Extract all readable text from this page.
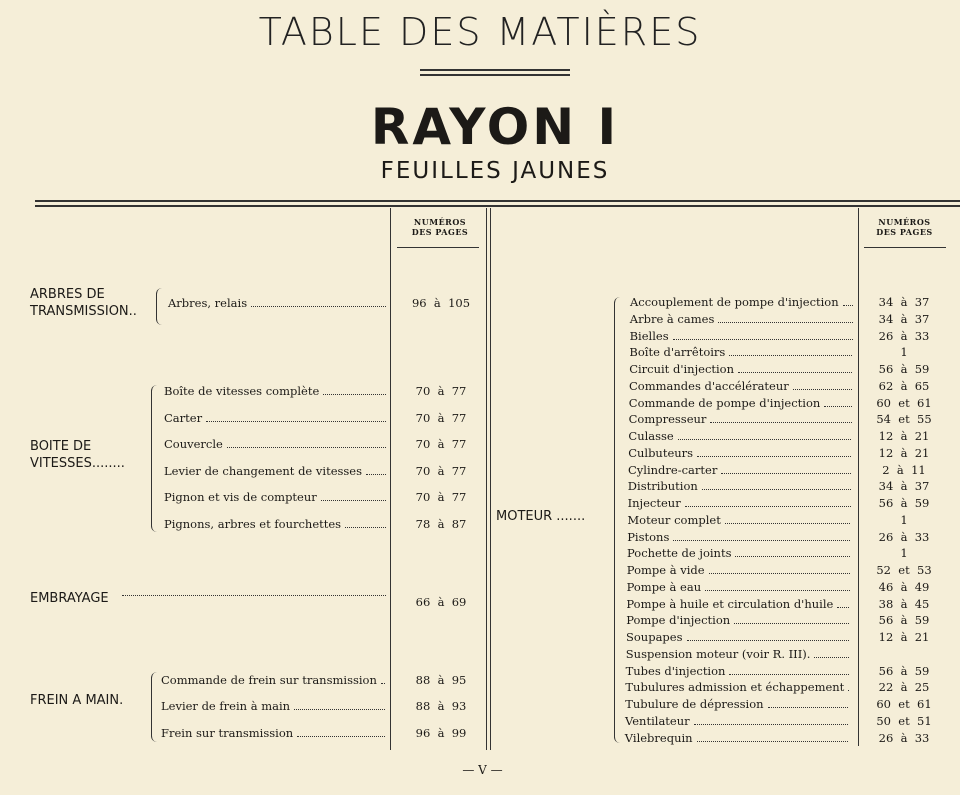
TABLE DES MATIÈRES
RAYON I
FEUILLES JAUNES
NUMÉROS
DES PAGES
NUMÉROS
DES PAGES
ARBRES DE
TRANSMISSION..
Arbres, relais	96  à  105
BOITE DE
VITESSES........
Boîte de vitesses complète	70  à  77
Carter	70  à  77
Couvercle	70  à  77
Levier de changement de vitesses	70  à  77
Pignon et vis de compteur	70  à  77
Pignons, arbres et fourchettes	78  à  87
EMBRAYAGE	66  à  69
FREIN A MAIN.
Commande de frein sur transmission	88  à  95
Levier de frein à main	88  à  93
Frein sur transmission	96  à  99
MOTEUR .......
Accouplement de pompe d'injection	34  à  37
Arbre à cames	34  à  37
Bielles	26  à  33
Boîte d'arrêtoirs	1
Circuit d'injection	56  à  59
Commandes d'accélérateur	62  à  65
Commande de pompe d'injection	60  et  61
Compresseur	54  et  55
Culasse	12  à  21
Culbuteurs	12  à  21
Cylindre-carter	2  à  11
Distribution	34  à  37
Injecteur	56  à  59
Moteur complet	1
Pistons	26  à  33
Pochette de joints	1
Pompe à vide	52  et  53
Pompe à eau	46  à  49
Pompe à huile et circulation d'huile	38  à  45
Pompe d'injection	56  à  59
Soupapes	12  à  21
Suspension moteur (voir R. III).
Tubes d'injection	56  à  59
Tubulures admission et échappement	22  à  25
Tubulure de dépression	60  et  61
Ventilateur	50  et  51
Vilebrequin	26  à  33
— V —
